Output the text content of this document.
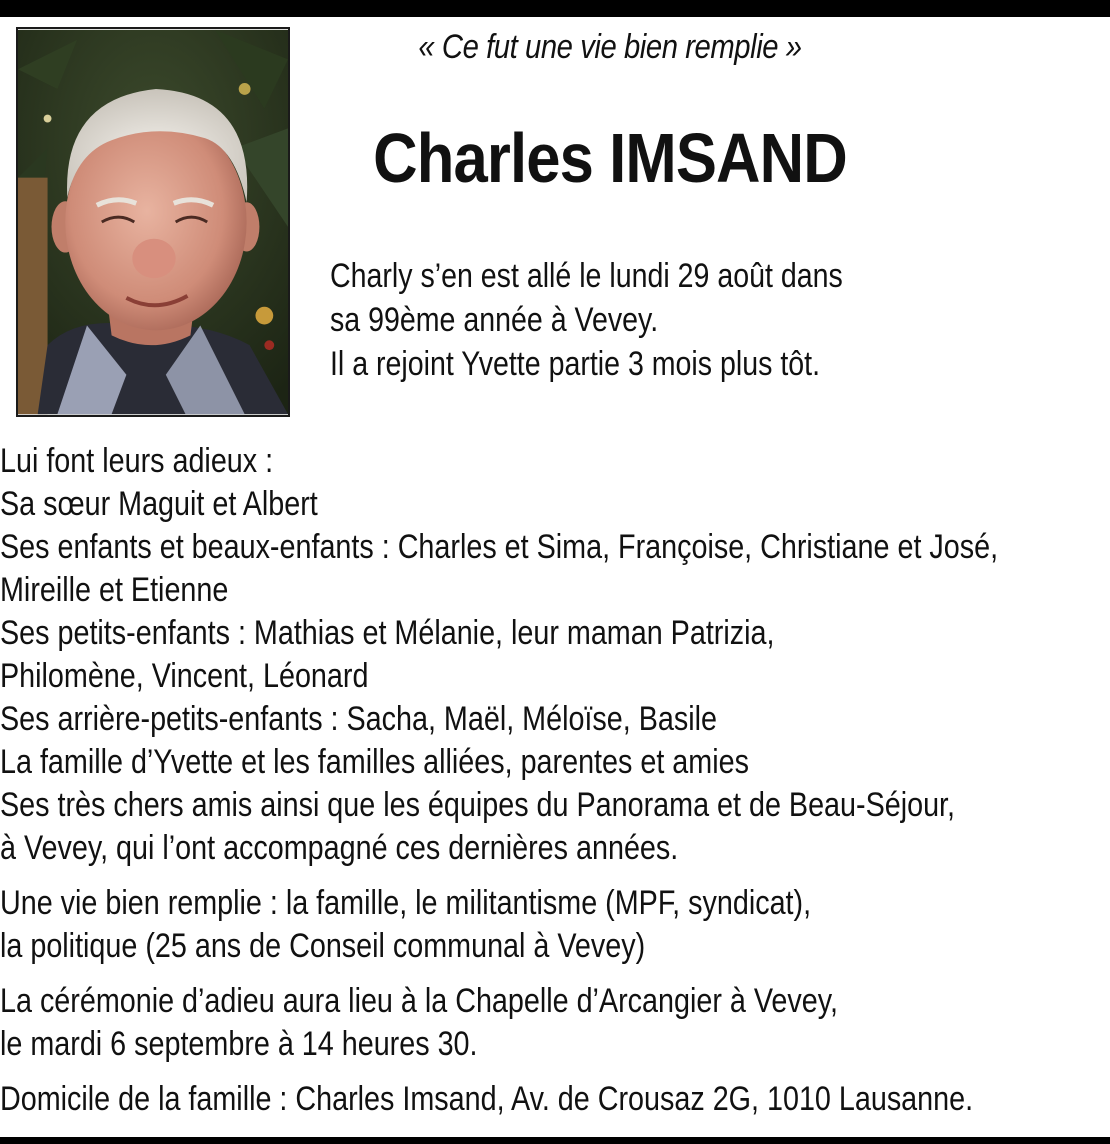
« Ce fut une vie bien remplie »
Charles IMSAND
Charly s’en est allé le lundi 29 août dans
sa 99ème année à Vevey.
Il a rejoint Yvette partie 3 mois plus tôt.
Lui font leurs adieux :
Sa sœur Maguit et Albert
Ses enfants et beaux-enfants : Charles et Sima, Françoise, Christiane et José,
Mireille et Etienne
Ses petits-enfants : Mathias et Mélanie, leur maman Patrizia,
Philomène, Vincent, Léonard
Ses arrière-petits-enfants : Sacha, Maël, Méloïse, Basile
La famille d’Yvette et les familles alliées, parentes et amies
Ses très chers amis ainsi que les équipes du Panorama et de Beau-Séjour,
à Vevey, qui l’ont accompagné ces dernières années.
Une vie bien remplie : la famille, le militantisme (MPF, syndicat),
la politique (25 ans de Conseil communal à Vevey)
La cérémonie d’adieu aura lieu à la Chapelle d’Arcangier à Vevey,
le mardi 6 septembre à 14 heures 30.
Domicile de la famille : Charles Imsand, Av. de Crousaz 2G, 1010 Lausanne.
